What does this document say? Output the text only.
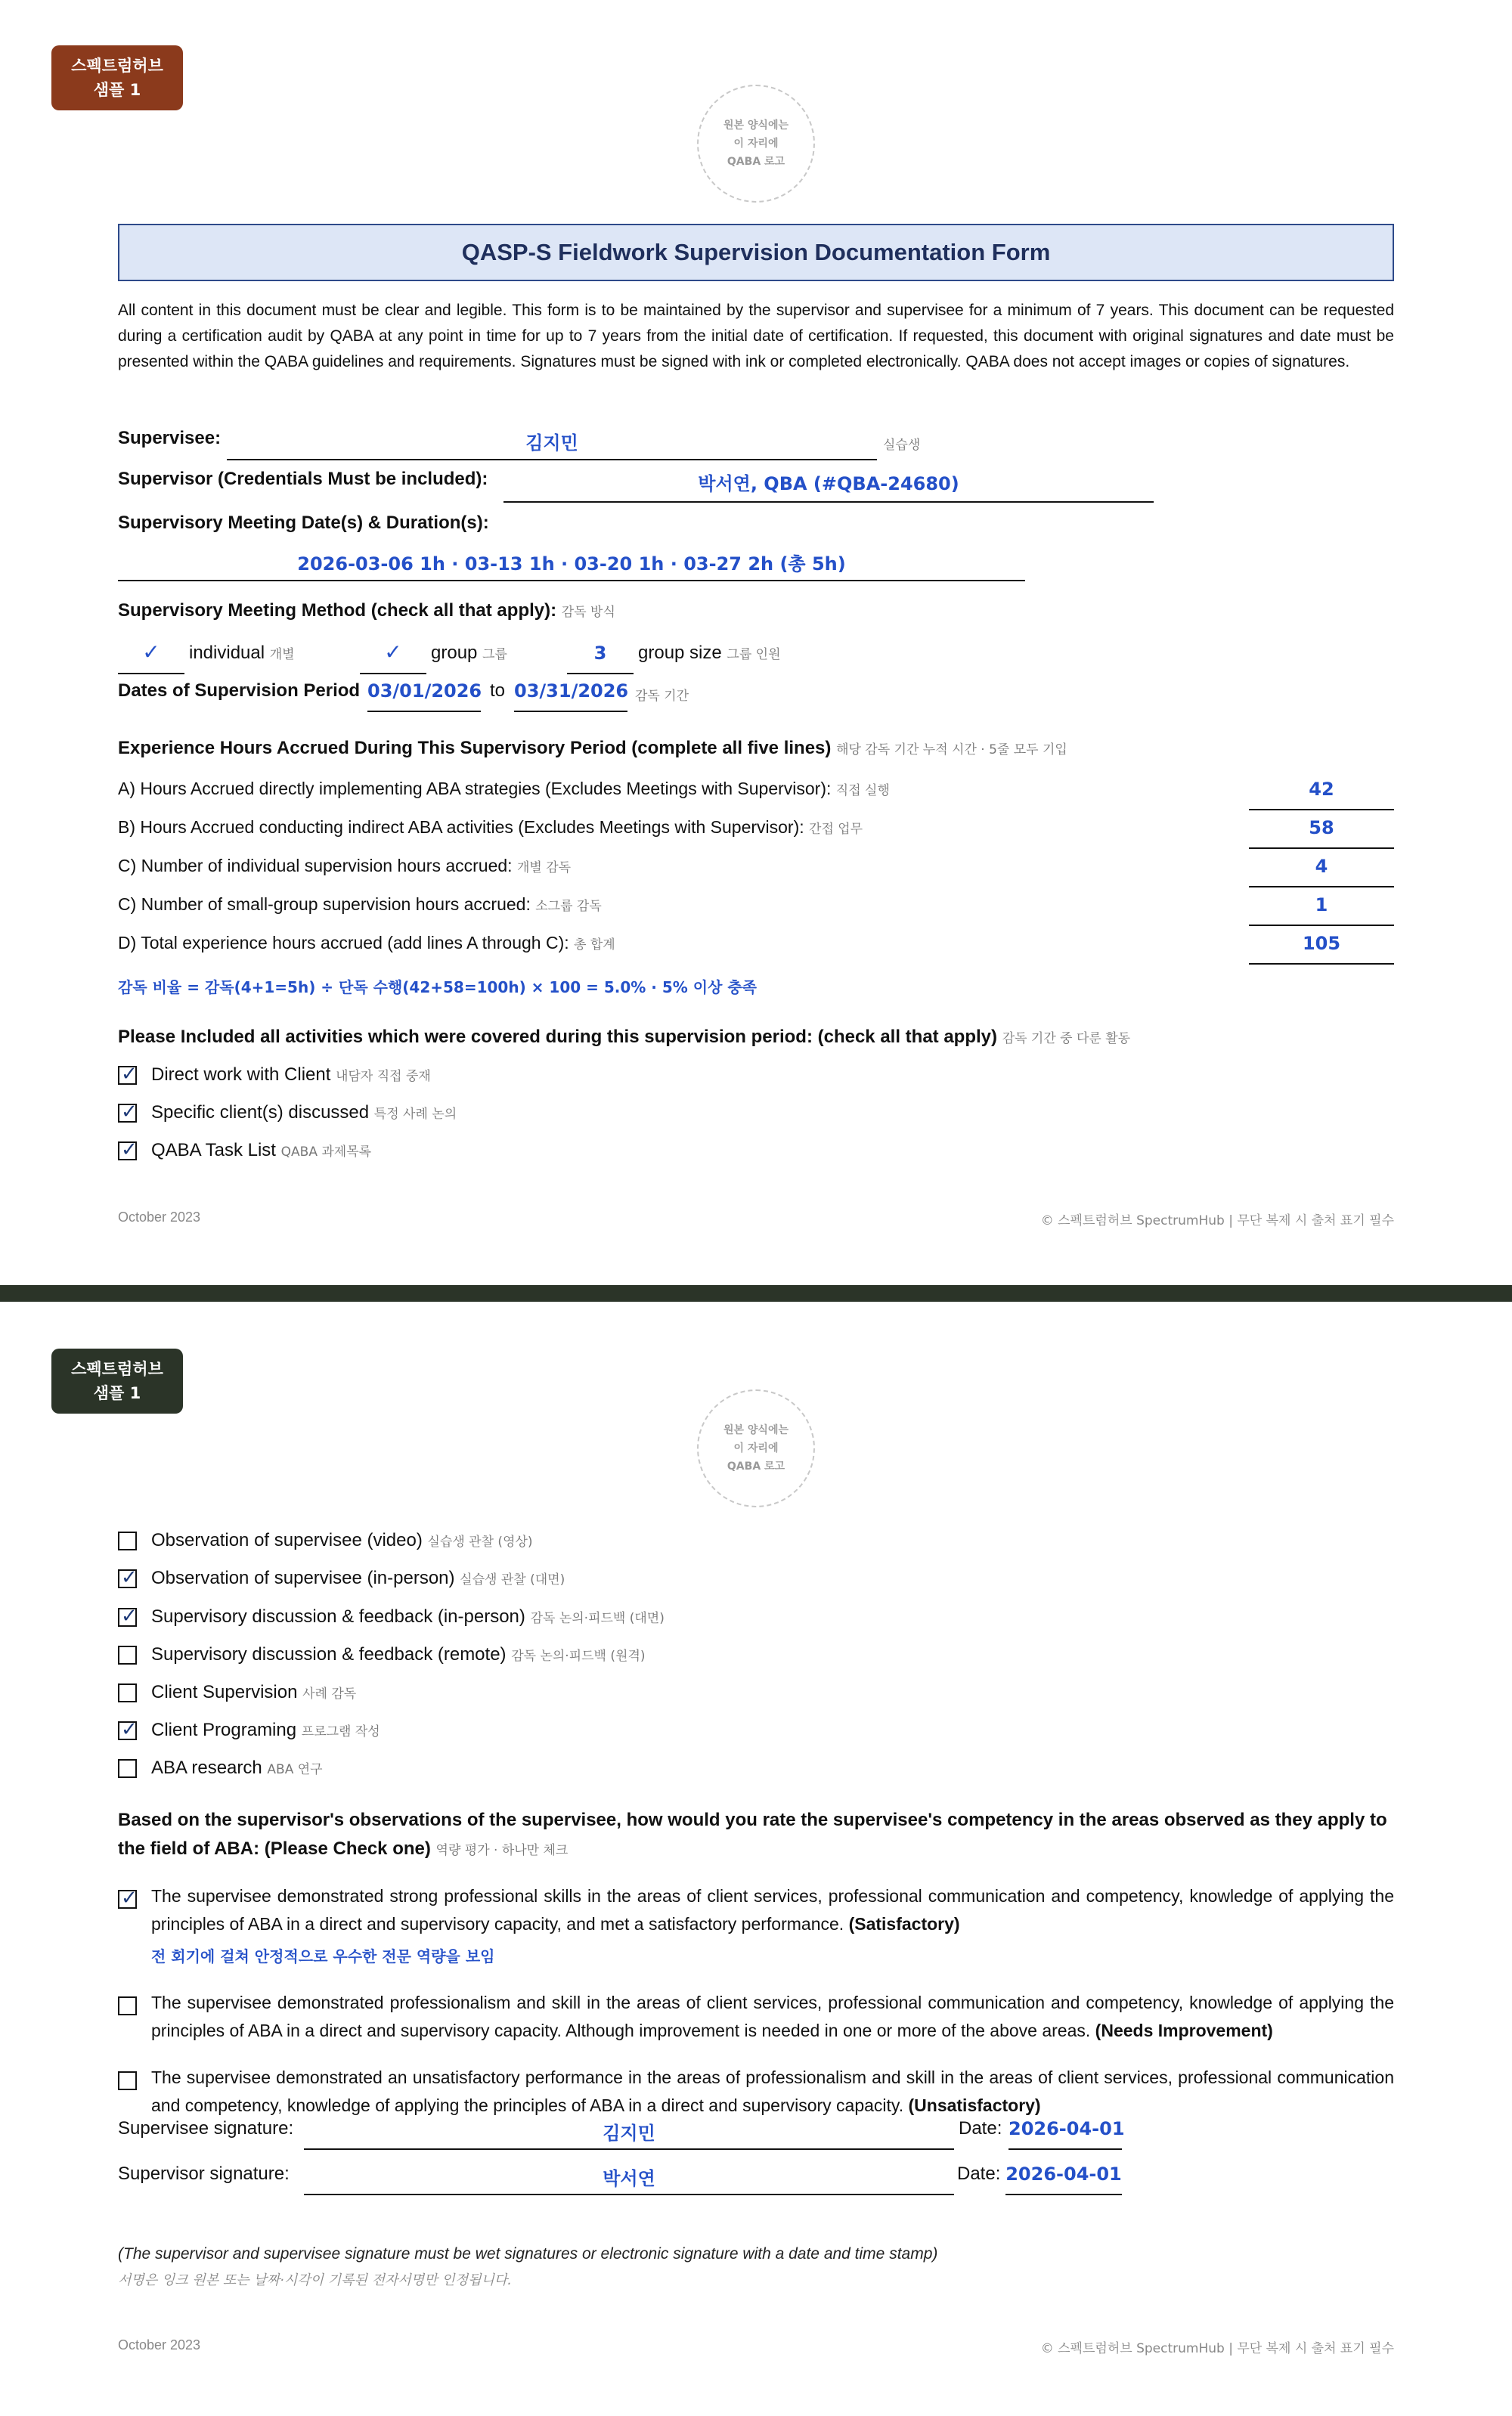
스펙트럼허브
샘플 1
원본 양식에는
이 자리에
QABA 로고
QASP-S Fieldwork Supervision Documentation Form
All content in this document must be clear and legible. This form is to be maintained by the supervisor and supervisee for a minimum of 7 years. This document can be requested during a certification audit by QABA at any point in time for up to 7 years from the initial date of certification. If requested, this document with original signatures and date must be presented within the QABA guidelines and requirements. Signatures must be signed with ink or completed electronically. QABA does not accept images or copies of signatures.
Supervisee:	김지민	실습생
Supervisor (Credentials Must be included):	박서연, QBA (#QBA-24680)
Supervisory Meeting Date(s) & Duration(s):
2026-03-06 1h · 03-13 1h · 03-20 1h · 03-27 2h (총 5h)
Supervisory Meeting Method (check all that apply): 감독 방식
✓	individual 개별	✓	group 그룹	3	group size 그룹 인원
Dates of Supervision Period 03/01/2026 to 03/31/2026 감독 기간
Experience Hours Accrued During This Supervisory Period (complete all five lines) 해당 감독 기간 누적 시간 · 5줄 모두 기입
A) Hours Accrued directly implementing ABA strategies (Excludes Meetings with Supervisor): 직접 실행	42
B) Hours Accrued conducting indirect ABA activities (Excludes Meetings with Supervisor): 간접 업무	58
C) Number of individual supervision hours accrued: 개별 감독	4
C) Number of small-group supervision hours accrued: 소그룹 감독	1
D) Total experience hours accrued (add lines A through C): 총 합계	105
감독 비율 = 감독(4+1=5h) ÷ 단독 수행(42+58=100h) × 100 = 5.0% · 5% 이상 충족
Please Included all activities which were covered during this supervision period: (check all that apply) 감독 기간 중 다룬 활동
✓
Direct work with Client 내담자 직접 중재
✓
Specific client(s) discussed 특정 사례 논의
✓
QABA Task List QABA 과제목록
October 2023	© 스펙트럼허브 SpectrumHub | 무단 복제 시 출처 표기 필수
스펙트럼허브
샘플 1
원본 양식에는
이 자리에
QABA 로고
Observation of supervisee (video) 실습생 관찰 (영상)
✓
Observation of supervisee (in-person) 실습생 관찰 (대면)
✓
Supervisory discussion & feedback (in-person) 감독 논의·피드백 (대면)
Supervisory discussion & feedback (remote) 감독 논의·피드백 (원격)
Client Supervision 사례 감독
✓
Client Programing 프로그램 작성
ABA research ABA 연구
Based on the supervisor's observations of the supervisee, how would you rate the supervisee's competency in the areas observed as they apply to
the field of ABA: (Please Check one) 역량 평가 · 하나만 체크
✓
The supervisee demonstrated strong professional skills in the areas of client services, professional communication and competency, knowledge of applying the principles of ABA in a direct and supervisory capacity, and met a satisfactory performance. (Satisfactory)
전 회기에 걸쳐 안정적으로 우수한 전문 역량을 보임
The supervisee demonstrated professionalism and skill in the areas of client services, professional communication and competency, knowledge of applying the principles of ABA in a direct and supervisory capacity. Although improvement is needed in one or more of the above areas. (Needs Improvement)
The supervisee demonstrated an unsatisfactory performance in the areas of professionalism and skill in the areas of client services, professional communication and competency, knowledge of applying the principles of ABA in a direct and supervisory capacity. (Unsatisfactory)
Supervisee signature:	김지민	Date: 2026-04-01
Supervisor signature:	박서연	Date: 2026-04-01
(The supervisor and supervisee signature must be wet signatures or electronic signature with a date and time stamp)
서명은 잉크 원본 또는 날짜·시각이 기록된 전자서명만 인정됩니다.
October 2023	© 스펙트럼허브 SpectrumHub | 무단 복제 시 출처 표기 필수
